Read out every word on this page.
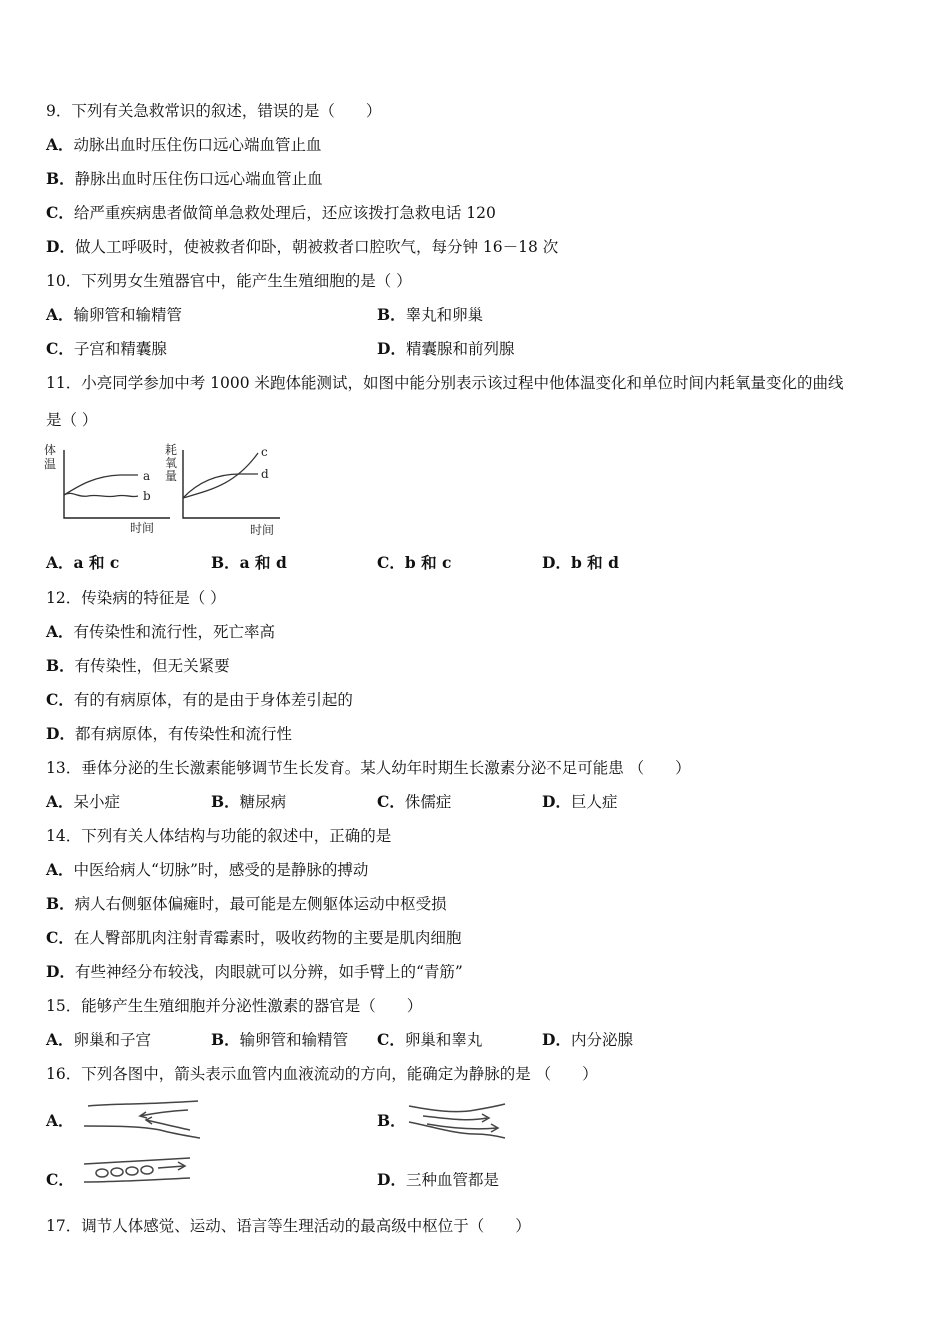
9．下列有关急救常识的叙述，错误的是（　　）
A．动脉出血时压住伤口远心端血管止血
B．静脉出血时压住伤口远心端血管止血
C．给严重疾病患者做简单急救处理后，还应该拨打急救电话 120
D．做人工呼吸时，使被救者仰卧，朝被救者口腔吹气，每分钟 16－18 次
10．下列男女生殖器官中，能产生生殖细胞的是（ ）
A．输卵管和输精管	B．睾丸和卵巢
C．子宫和精囊腺	D．精囊腺和前列腺
11．小亮同学参加中考 1000 米跑体能测试，如图中能分别表示该过程中他体温变化和单位时间内耗氧量变化的曲线
是（ ）
体
温
a
b
时间
耗
氧
量
c
d
时间
A．a 和 c	B．a 和 d	C．b 和 c	D．b 和 d
12．传染病的特征是（ ）
A．有传染性和流行性，死亡率高
B．有传染性，但无关紧要
C．有的有病原体，有的是由于身体差引起的
D．都有病原体，有传染性和流行性
13．垂体分泌的生长激素能够调节生长发育。某人幼年时期生长激素分泌不足可能患 （　　）
A．呆小症	B．糖尿病	C．侏儒症	D．巨人症
14．下列有关人体结构与功能的叙述中，正确的是
A．中医给病人“切脉”时，感受的是静脉的搏动
B．病人右侧躯体偏瘫时，最可能是左侧躯体运动中枢受损
C．在人臀部肌肉注射青霉素时，吸收药物的主要是肌肉细胞
D．有些神经分布较浅，肉眼就可以分辨，如手臂上的“青筋”
15．能够产生生殖细胞并分泌性激素的器官是（　　）
A．卵巢和子宫	B．输卵管和输精管 C．卵巢和睾丸	D．内分泌腺
16．下列各图中，箭头表示血管内血液流动的方向，能确定为静脉的是 （　　）
A．	B．
C．	D．三种血管都是
17．调节人体感觉、运动、语言等生理活动的最高级中枢位于（　　）
